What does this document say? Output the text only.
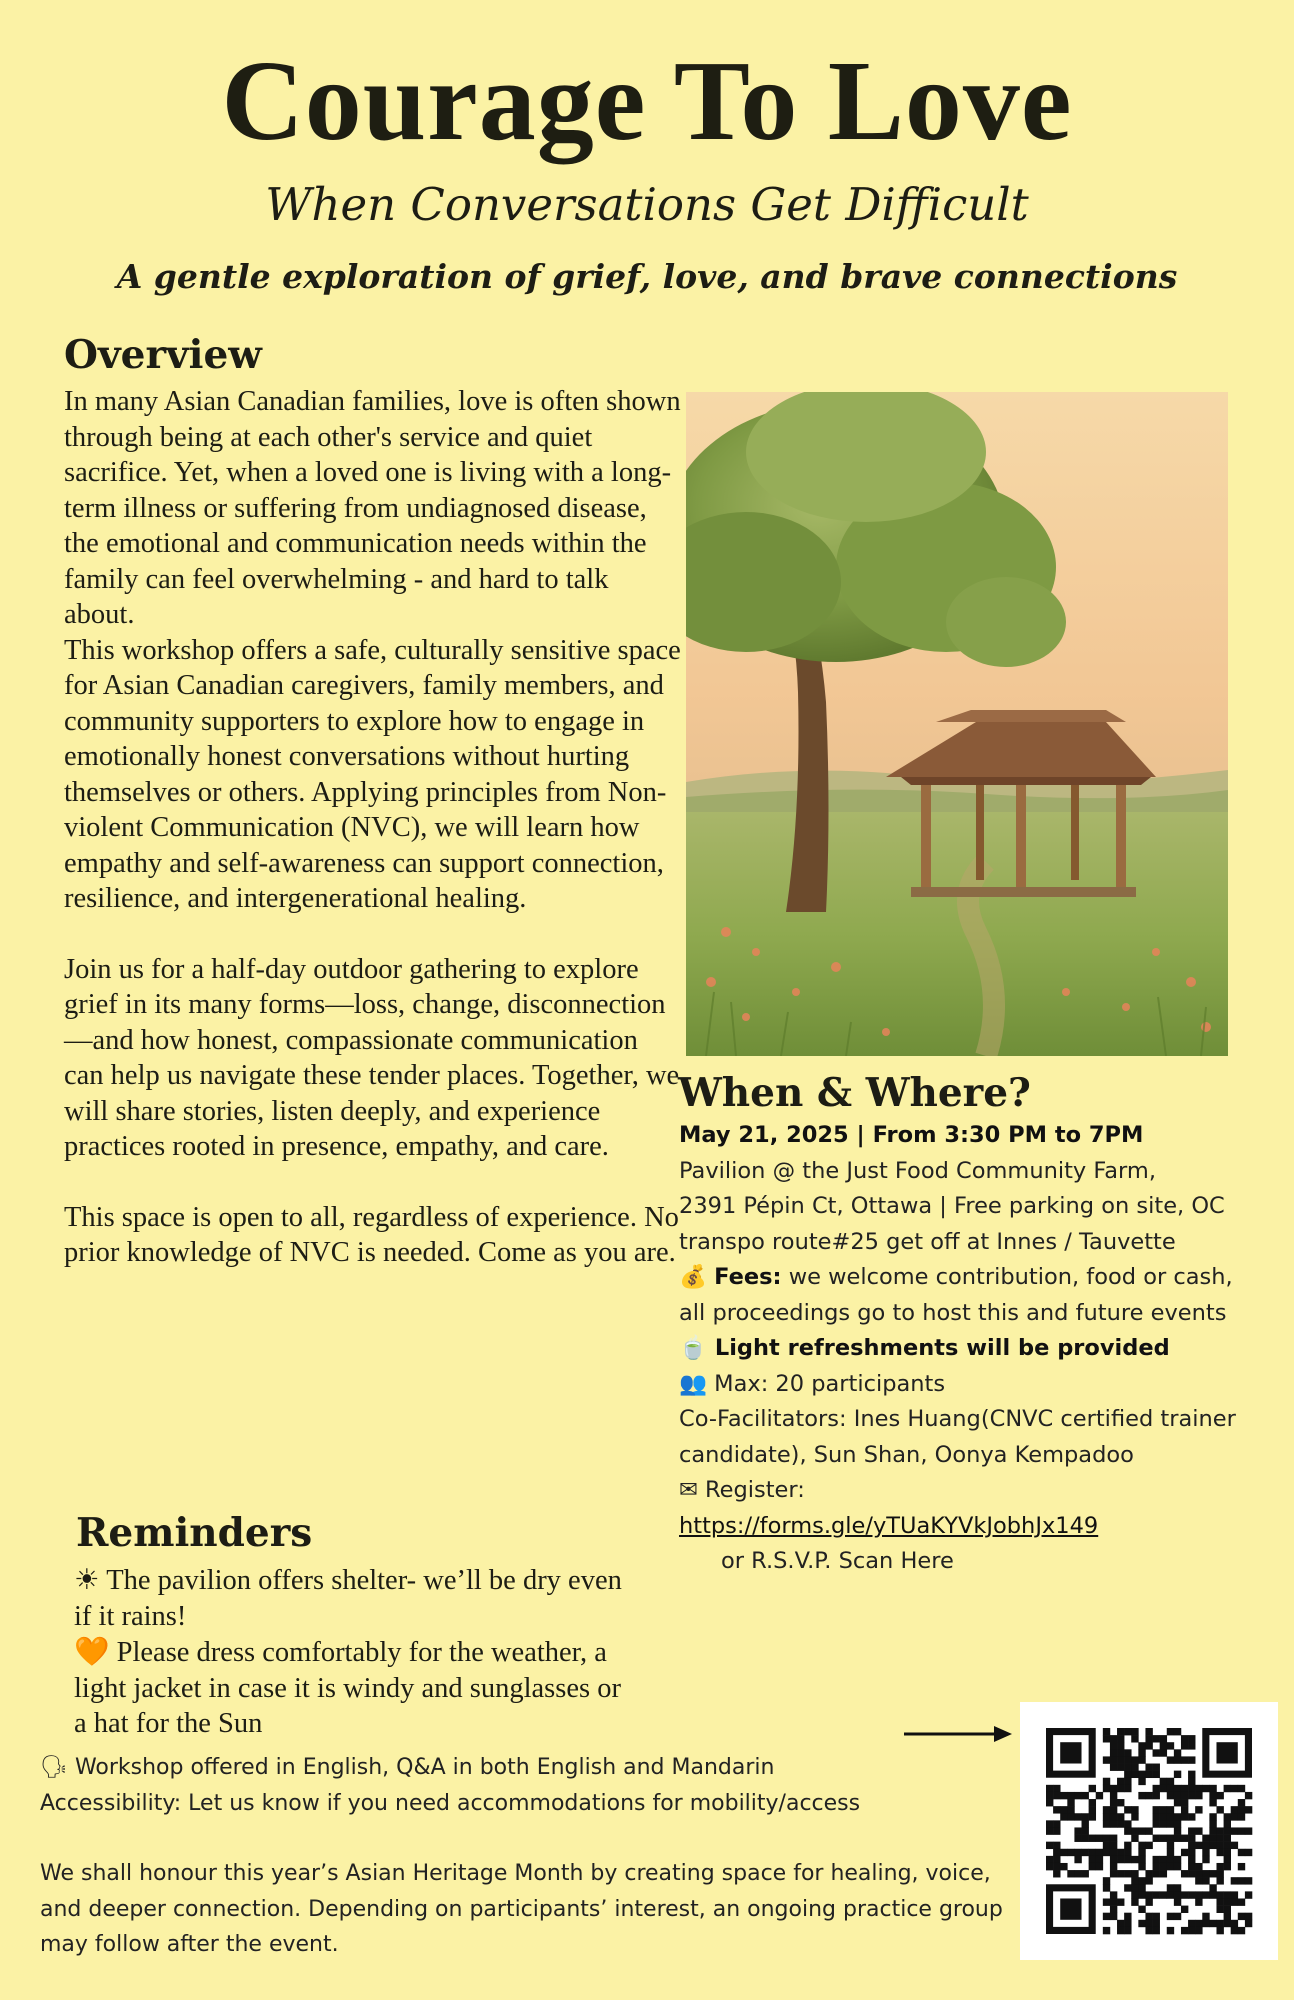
Courage To Love
When Conversations Get Difficult
A gentle exploration of grief, love, and brave connections
Overview

In many Asian Canadian families, love is often shown through being at each other's service and quiet sacrifice. Yet, when a loved one is living with a long-term illness or suffering from undiagnosed disease, the emotional and communication needs within the family can feel overwhelming - and hard to talk about.

This workshop offers a safe, culturally sensitive space for Asian Canadian caregivers, family members, and community supporters to explore how to engage in emotionally honest conversations without hurting themselves or others. Applying principles from Non-violent Communication (NVC), we will learn how empathy and self-awareness can support connection, resilience, and intergenerational healing.

Join us for a half-day outdoor gathering to explore grief in its many forms—loss, change, disconnection—and how honest, compassionate communication can help us navigate these tender places. Together, we will share stories, listen deeply, and experience practices rooted in presence, empathy, and care.

This space is open to all, regardless of experience. No prior knowledge of NVC is needed. Come as you are.

Reminders

☀ The pavilion offers shelter- we’ll be dry even if it rains!

🧡 Please dress comfortably for the weather, a light jacket in case it is windy and sunglasses or a hat for the Sun

When & Where?

May 21, 2025 | From 3:30 PM to 7PM

Pavilion @ the Just Food Community Farm,

2391 Pépin Ct, Ottawa | Free parking on site, OC transpo route#25 get off at Innes / Tauvette

💰 Fees: we welcome contribution, food or cash, all proceedings go to host this and future events

🍵 Light refreshments will be provided

👥 Max: 20 participants

Co-Facilitators: Ines Huang(CNVC certified trainer candidate), Sun Shan, Oonya Kempadoo

✉ Register:

https://forms.gle/yTUaKYVkJobhJx149

or R.S.V.P. Scan Here

🗣 Workshop offered in English, Q&A in both English and Mandarin

Accessibility: Let us know if you need accommodations for mobility/access

We shall honour this year’s Asian Heritage Month by creating space for healing, voice, and deeper connection. Depending on participants’ interest, an ongoing practice group may follow after the event.
